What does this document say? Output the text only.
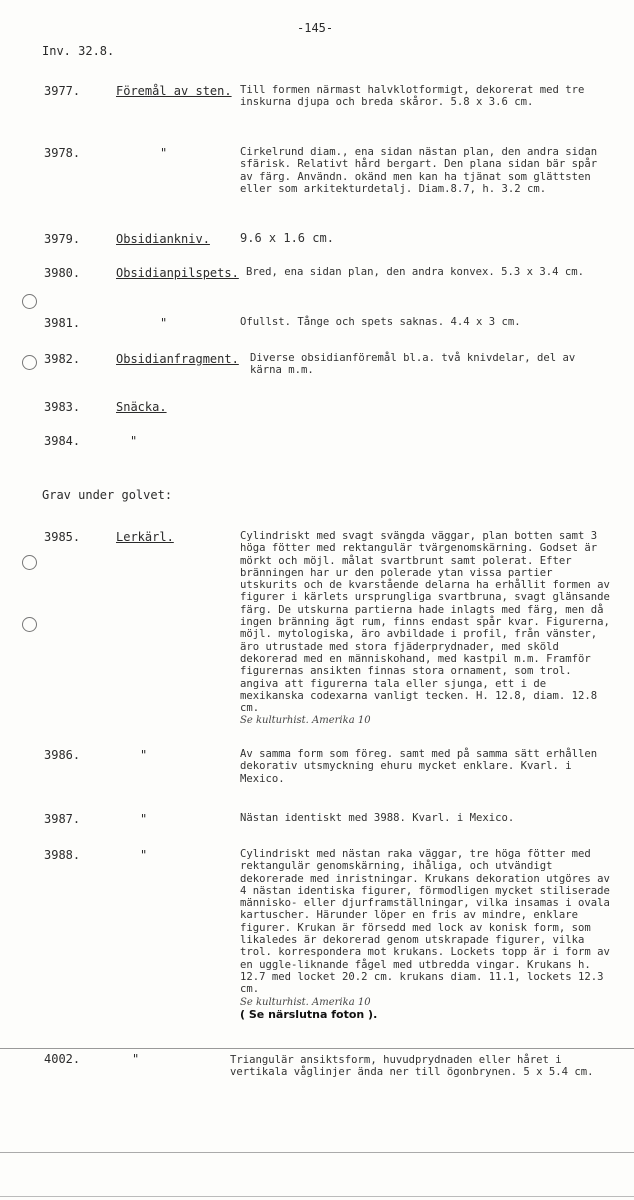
-145-
Inv. 32.8.
3977.	Föremål av sten. Till formen närmast halvklotformigt, dekorerat med tre inskurna djupa och breda skåror. 5.8 x 3.6 cm.
3978.	"	Cirkelrund diam., ena sidan nästan plan, den andra sidan sfärisk. Relativt hård bergart. Den plana sidan bär spår av färg. Användn. okänd men kan ha tjänat som glättsten eller som arkitekturdetalj. Diam.8.7, h. 3.2 cm.
3979.	Obsidiankniv.	9.6 x 1.6 cm.
3980.	Obsidianpilspets. Bred, ena sidan plan, den andra konvex. 5.3 x 3.4 cm.
3981.	"	Ofullst. Tånge och spets saknas. 4.4 x 3 cm.
3982.	Obsidianfragment. Diverse obsidianföremål bl.a. två knivdelar, del av kärna m.m.
3983.	Snäcka.
3984.	"
Grav under golvet:
3985.	Lerkärl.	Cylindriskt med svagt svängda väggar, plan botten samt 3 höga fötter med rektangulär tvärgenomskärning. Godset är mörkt och möjl. målat svartbrunt samt polerat. Efter bränningen har ur den polerade ytan vissa partier utskurits och de kvarstående delarna ha erhållit formen av figurer i kärlets ursprungliga svartbruna, svagt glänsande färg. De utskurna partierna hade inlagts med färg, men då ingen bränning ägt rum, finns endast spår kvar. Figurerna, möjl. mytologiska, äro avbildade i profil, från vänster, äro utrustade med stora fjäderprydnader, med sköld dekorerad med en människohand, med kastpil m.m. Framför figurernas ansikten finnas stora ornament, som trol. angiva att figurerna tala eller sjunga, ett i de mexikanska codexarna vanligt tecken. H. 12.8, diam. 12.8 cm.
Se kulturhist. Amerika 10
3986.	"	Av samma form som föreg. samt med på samma sätt erhållen dekorativ utsmyckning ehuru mycket enklare. Kvarl. i Mexico.
3987.	"	Nästan identiskt med 3988. Kvarl. i Mexico.
3988.	"	Cylindriskt med nästan raka väggar, tre höga fötter med rektangulär genomskärning, ihåliga, och utvändigt dekorerade med inristningar. Krukans dekoration utgöres av 4 nästan identiska figurer, förmodligen mycket stiliserade människo- eller djurframställningar, vilka insamas i ovala kartuscher. Härunder löper en fris av mindre, enklare figurer. Krukan är försedd med lock av konisk form, som likaledes är dekorerad genom utskrapade figurer, vilka trol. korrespondera mot krukans. Lockets topp är i form av en uggle-liknande fågel med utbredda vingar. Krukans h. 12.7 med locket 20.2 cm. krukans diam. 11.1, lockets 12.3 cm.
Se kulturhist. Amerika 10
( Se närslutna foton ).
4002.	"	Triangulär ansiktsform, huvudprydnaden eller håret i vertikala våglinjer ända ner till ögonbrynen. 5 x 5.4 cm.
